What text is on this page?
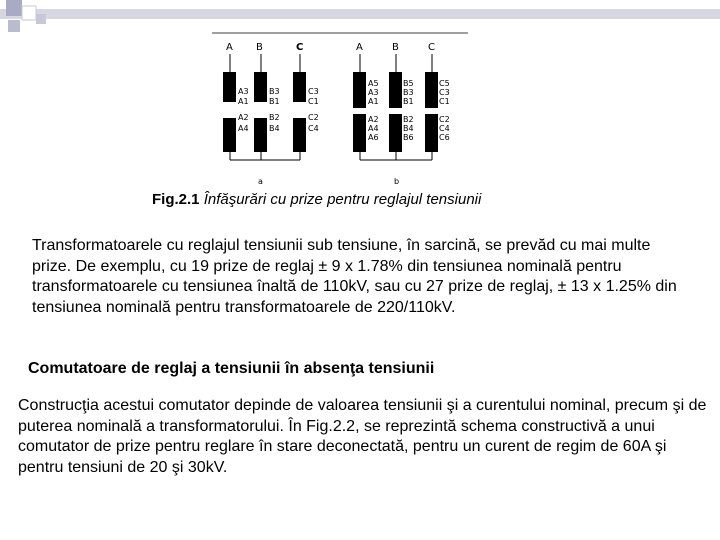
A B	C
A3
A1
B3
B1
C3
C1
A2
A4
B2
B4
C2
C4
a
A	B	C
A5
A3
A1
B5
B3
B1
C5
C3
C1
A2
A4
A6
B2
B4
B6
C2
C4
C6
b
Fig.2.1 Înfăşurări cu prize pentru reglajul tensiunii
Transformatoarele cu reglajul tensiunii sub tensiune, în sarcină, se prevăd cu mai multe prize. De exemplu, cu 19 prize de reglaj ± 9 x 1.78% din tensiunea nominală pentru transformatoarele cu tensiunea înaltă de 110kV, sau cu 27 prize de reglaj, ± 13 x 1.25% din tensiunea nominală pentru transformatoarele de 220/110kV.
Comutatoare de reglaj a tensiunii în absenţa tensiunii
Construcţia acestui comutator depinde de valoarea tensiunii şi a curentului nominal, precum şi de puterea nominală a transformatorului. În Fig.2.2, se reprezintă schema constructivă a unui comutator de prize pentru reglare în stare deconectată, pentru un curent de regim de 60A şi pentru tensiuni de 20 şi 30kV.
